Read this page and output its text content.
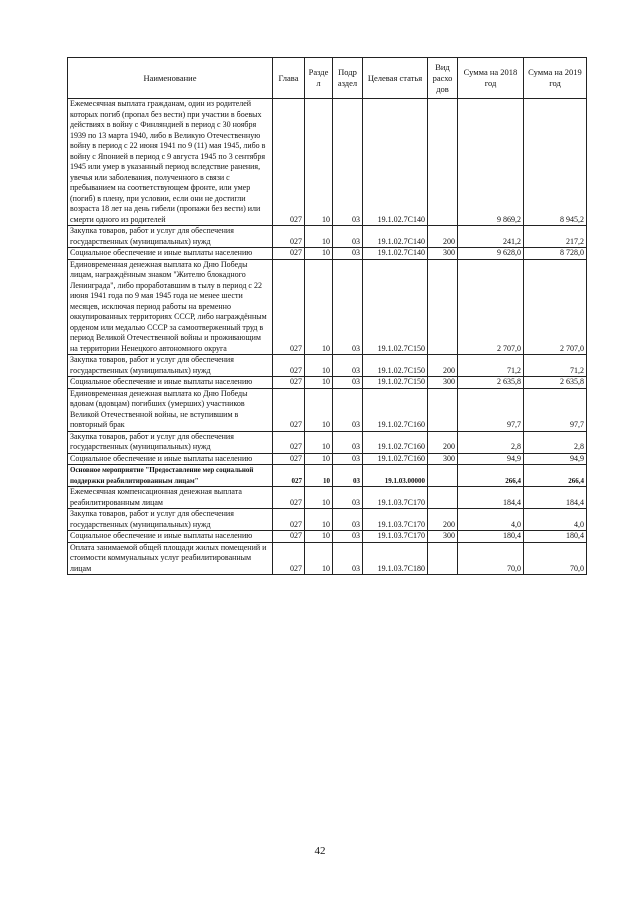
Наименование	Глава	Разде л	Подр аздел	Целевая статья	Вид расхо дов	Сумма на 2018 год	Сумма на 2019 год
Ежемесячная выплата гражданам, один из родителей которых погиб (пропал без вести) при участии в боевых действиях в войну с Финляндией в период с 30 ноября 1939 по 13 марта 1940, либо в Великую Отечественную войну в период с 22 июня 1941 по 9 (11) мая 1945, либо в войну с Японией в период с 9 августа 1945 по 3 сентября 1945 или умер в указанный период вследствие ранения, увечья или заболевания, полученного в связи с пребыванием на соответствующем фронте, или умер (погиб) в плену, при условии, если они не достигли возраста 18 лет на день гибели (пропажи без вести) или смерти одного из родителей	027	10	03	19.1.02.7С140		9 869,2	8 945,2
Закупка товаров, работ и услуг для обеспечения государственных (муниципальных) нужд	027	10	03	19.1.02.7С140	200	241,2	217,2
Социальное обеспечение и иные выплаты населению	027	10	03	19.1.02.7С140	300	9 628,0	8 728,0
Единовременная денежная выплата ко Дню Победы лицам, награждённым знаком "Жителю блокадного Ленинграда", либо проработавшим в тылу в период с 22 июня 1941 года по 9 мая 1945 года не менее шести месяцев, исключая период работы на временно оккупированных территориях СССР, либо награждённым орденом или медалью СССР за самоотверженный труд в период Великой Отечественной войны и проживающим на территории Ненецкого автономного округа	027	10	03	19.1.02.7С150		2 707,0	2 707,0
Закупка товаров, работ и услуг для обеспечения государственных (муниципальных) нужд	027	10	03	19.1.02.7С150	200	71,2	71,2
Социальное обеспечение и иные выплаты населению	027	10	03	19.1.02.7С150	300	2 635,8	2 635,8
Единовременная денежная выплата ко Дню Победы вдовам (вдовцам) погибших (умерших) участников Великой Отечественной войны, не вступившим в повторный брак	027	10	03	19.1.02.7С160		97,7	97,7
Закупка товаров, работ и услуг для обеспечения государственных (муниципальных) нужд	027	10	03	19.1.02.7С160	200	2,8	2,8
Социальное обеспечение и иные выплаты населению	027	10	03	19.1.02.7С160	300	94,9	94,9
Основное мероприятие "Предоставление мер социальной поддержки реабилитированным лицам"	027	10	03	19.1.03.00000		266,4	266,4
Ежемесячная компенсационная денежная выплата реабилитированным лицам	027	10	03	19.1.03.7С170		184,4	184,4
Закупка товаров, работ и услуг для обеспечения государственных (муниципальных) нужд	027	10	03	19.1.03.7С170	200	4,0	4,0
Социальное обеспечение и иные выплаты населению	027	10	03	19.1.03.7С170	300	180,4	180,4
Оплата занимаемой общей площади жилых помещений и стоимости коммунальных услуг реабилитированным лицам	027	10	03	19.1.03.7С180		70,0	70,0
42
